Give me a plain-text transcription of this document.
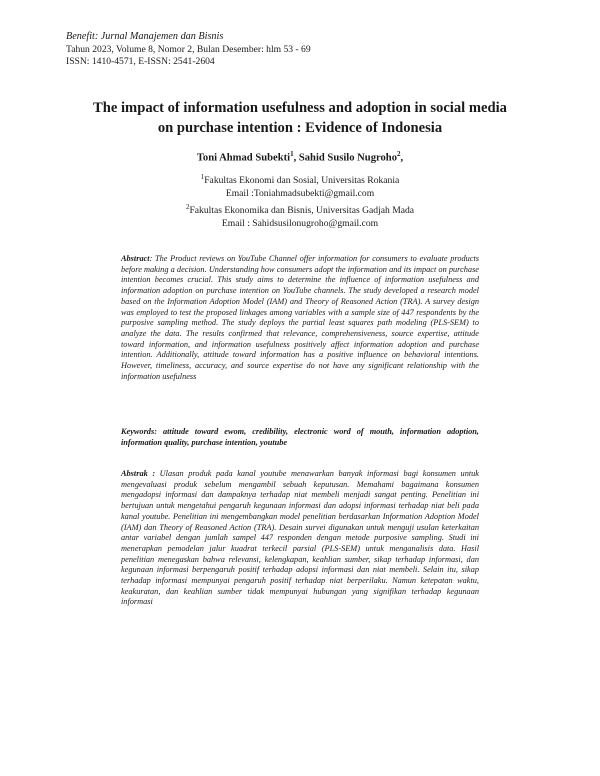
Benefit: Jurnal Manajemen dan Bisnis
Tahun 2023, Volume 8, Nomor 2, Bulan Desember: hlm 53 - 69
ISSN: 1410-4571, E-ISSN: 2541-2604
The impact of information usefulness and adoption in social media on purchase intention : Evidence of Indonesia
Toni Ahmad Subekti$^1$, Sahid Susilo Nugroho$^2$,
$^1$Fakultas Ekonomi dan Sosial, Universitas Rokania
Email :Toniahmadsubekti@gmail.com
$^2$Fakultas Ekonomika dan Bisnis, Universitas Gadjah Mada
Email : Sahidsusilonugroho@gmail.com
Abstract: The Product reviews on YouTube Channel offer information for consumers to evaluate products before making a decision. Understanding how consumers adopt the information and its impact on purchase intention becomes crucial. This study aims to determine the influence of information usefulness and information adoption on purchase intention on YouTube channels. The study developed a research model based on the Information Adoption Model (IAM) and Theory of Reasoned Action (TRA). A survey design was employed to test the proposed linkages among variables with a sample size of 447 respondents by the purposive sampling method. The study deploys the partial least squares path modeling (PLS-SEM) to analyze the data. The results confirmed that relevance, comprehensiveness, source expertise, attitude toward information, and information usefulness positively affect information adoption and purchase intention. Additionally, attitude toward information has a positive influence on behavioral intentions. However, timeliness, accuracy, and source expertise do not have any significant relationship with the information usefulness
Keywords: attitude toward ewom, credibility, electronic word of mouth, information adoption, information quality, purchase intention, youtube
Abstrak : Ulasan produk pada kanal youtube menawarkan banyak informasi bagi konsumen untuk mengevaluasi produk sebelum mengambil sebuah keputusan. Memahami bagaimana konsumen mengadopsi informasi dan dampaknya terhadap niat membeli menjadi sangat penting. Penelitian ini bertujuan untuk mengetahui pengaruh kegunaan informasi dan adopsi informasi terhadap niat beli pada kanal youtube. Penelitian ini mengembangkan model penelitian berdasarkan Information Adoption Model (IAM) dan Theory of Reasoned Action (TRA). Desain survei digunakan untuk menguji usulan keterkaitan antar variabel dengan jumlah sampel 447 responden dengan metode purposive sampling. Studi ini menerapkan pemodelan jalur kuadrat terkecil parsial (PLS-SEM) untuk menganalisis data. Hasil penelitian menegaskan bahwa relevansi, kelengkapan, keahlian sumber, sikap terhadap informasi, dan kegunaan informasi berpengaruh positif terhadap adopsi informasi dan niat membeli. Selain itu, sikap terhadap informasi mempunyai pengaruh positif terhadap niat berperilaku. Namun ketepatan waktu, keakuratan, dan keahlian sumber tidak mempunyai hubungan yang signifikan terhadap kegunaan informasi
